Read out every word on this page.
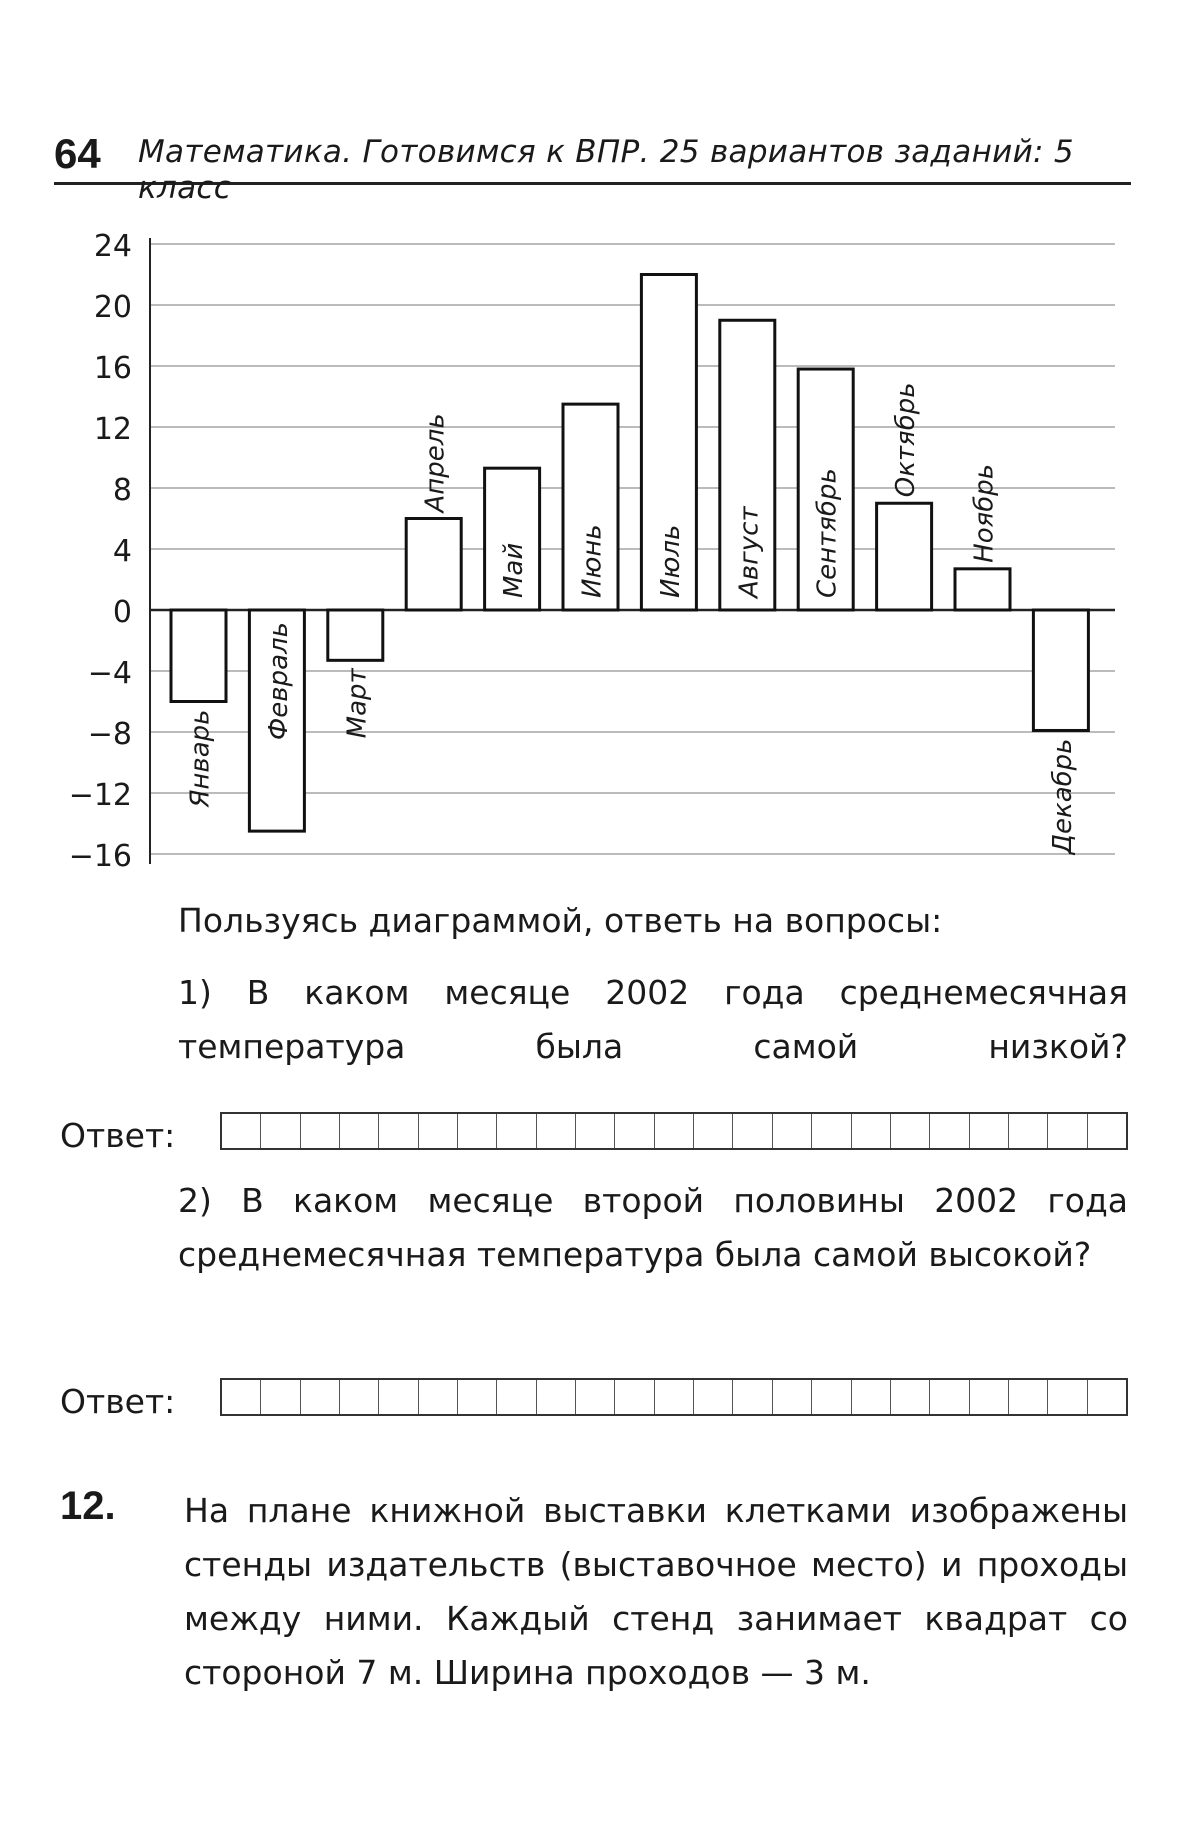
64 Математика. Готовимся к ВПР. 25 вариантов заданий: 5 класс
24
20
16
12
8
4
0
−4
−8
−12
−16
Январь
Февраль Март
Апрель
Май Июнь Июль Август Сентябрь
Октябрь
Ноябрь
Декабрь
Пользуясь диаграммой, ответь на вопросы:
1) В каком месяце 2002 года среднемесячная температура была самой низкой?
Ответ:
2) В каком месяце второй половины 2002 года среднемесячная температура была самой высокой?
Ответ:
12. На плане книжной выставки клетками изображены стенды издательств (выставочное место) и проходы между ними. Каждый стенд занимает квадрат со стороной 7 м. Ширина проходов — 3 м.
